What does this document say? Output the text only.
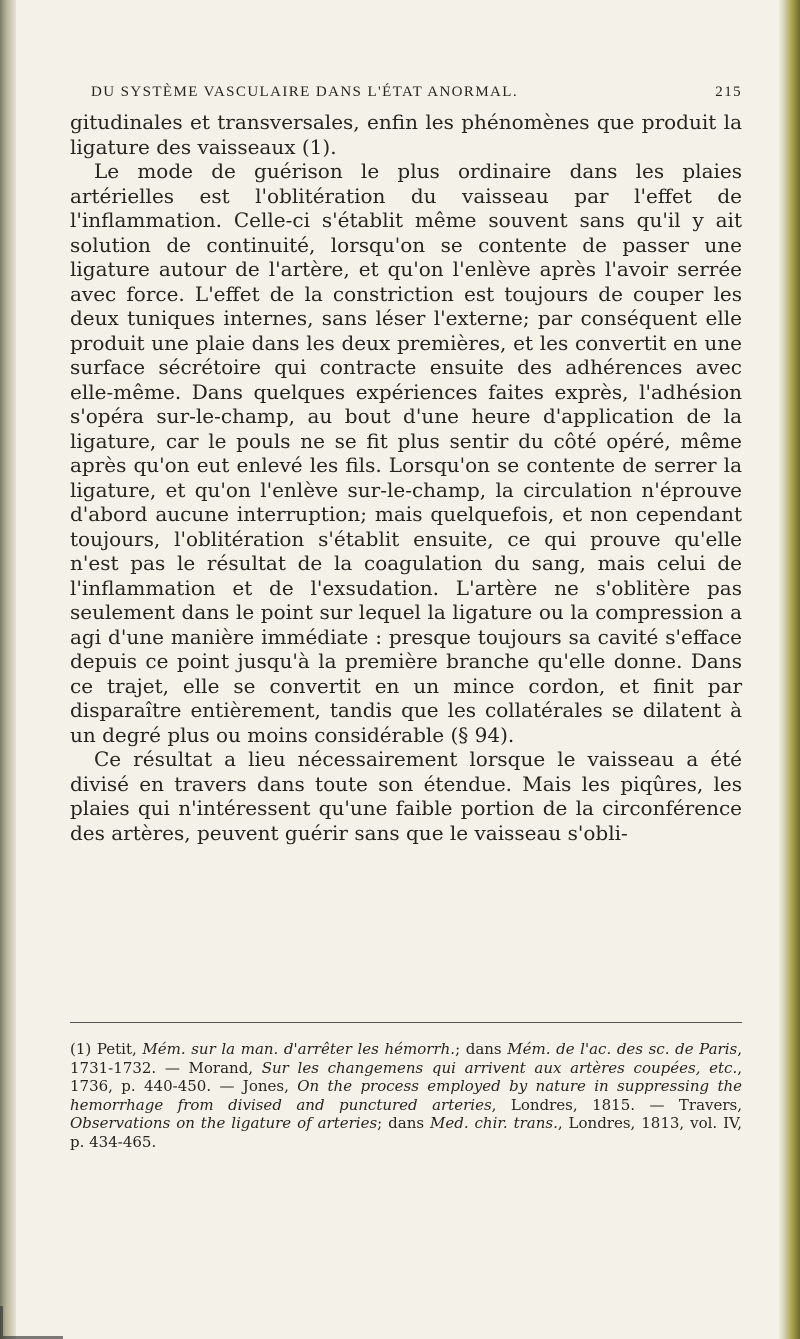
DU SYSTÈME VASCULAIRE DANS L'ÉTAT ANORMAL.	215

gitudinales et transversales, enfin les phénomènes que produit la ligature des vaisseaux (1).

Le mode de guérison le plus ordinaire dans les plaies artérielles est l'oblitération du vaisseau par l'effet de l'inflammation. Celle-ci s'établit même souvent sans qu'il y ait solution de continuité, lorsqu'on se contente de passer une ligature autour de l'artère, et qu'on l'enlève après l'avoir serrée avec force. L'effet de la constriction est toujours de couper les deux tuniques internes, sans léser l'externe; par conséquent elle produit une plaie dans les deux premières, et les convertit en une surface sécrétoire qui contracte ensuite des adhérences avec elle-même. Dans quelques expériences faites exprès, l'adhésion s'opéra sur-le-champ, au bout d'une heure d'application de la ligature, car le pouls ne se fit plus sentir du côté opéré, même après qu'on eut enlevé les fils. Lorsqu'on se contente de serrer la ligature, et qu'on l'enlève sur-le-champ, la circulation n'éprouve d'abord aucune interruption; mais quelquefois, et non cependant toujours, l'oblitération s'établit ensuite, ce qui prouve qu'elle n'est pas le résultat de la coagulation du sang, mais celui de l'inflammation et de l'exsudation. L'artère ne s'oblitère pas seulement dans le point sur lequel la ligature ou la compression a agi d'une manière immédiate : presque toujours sa cavité s'efface depuis ce point jusqu'à la première branche qu'elle donne. Dans ce trajet, elle se convertit en un mince cordon, et finit par disparaître entièrement, tandis que les collatérales se dilatent à un degré plus ou moins considérable (§ 94).

Ce résultat a lieu nécessairement lorsque le vaisseau a été divisé en travers dans toute son étendue. Mais les piqûres, les plaies qui n'intéressent qu'une faible portion de la circonférence des artères, peuvent guérir sans que le vaisseau s'obli-

(1) Petit, Mém. sur la man. d'arrêter les hémorrh.; dans Mém. de l'ac. des sc. de Paris, 1731-1732. — Morand, Sur les changemens qui arrivent aux artères coupées, etc., 1736, p. 440-450. — Jones, On the process employed by nature in suppressing the hemorrhage from divised and punctured arteries, Londres, 1815. — Travers, Observations on the ligature of arteries; dans Med. chir. trans., Londres, 1813, vol. IV, p. 434-465.
